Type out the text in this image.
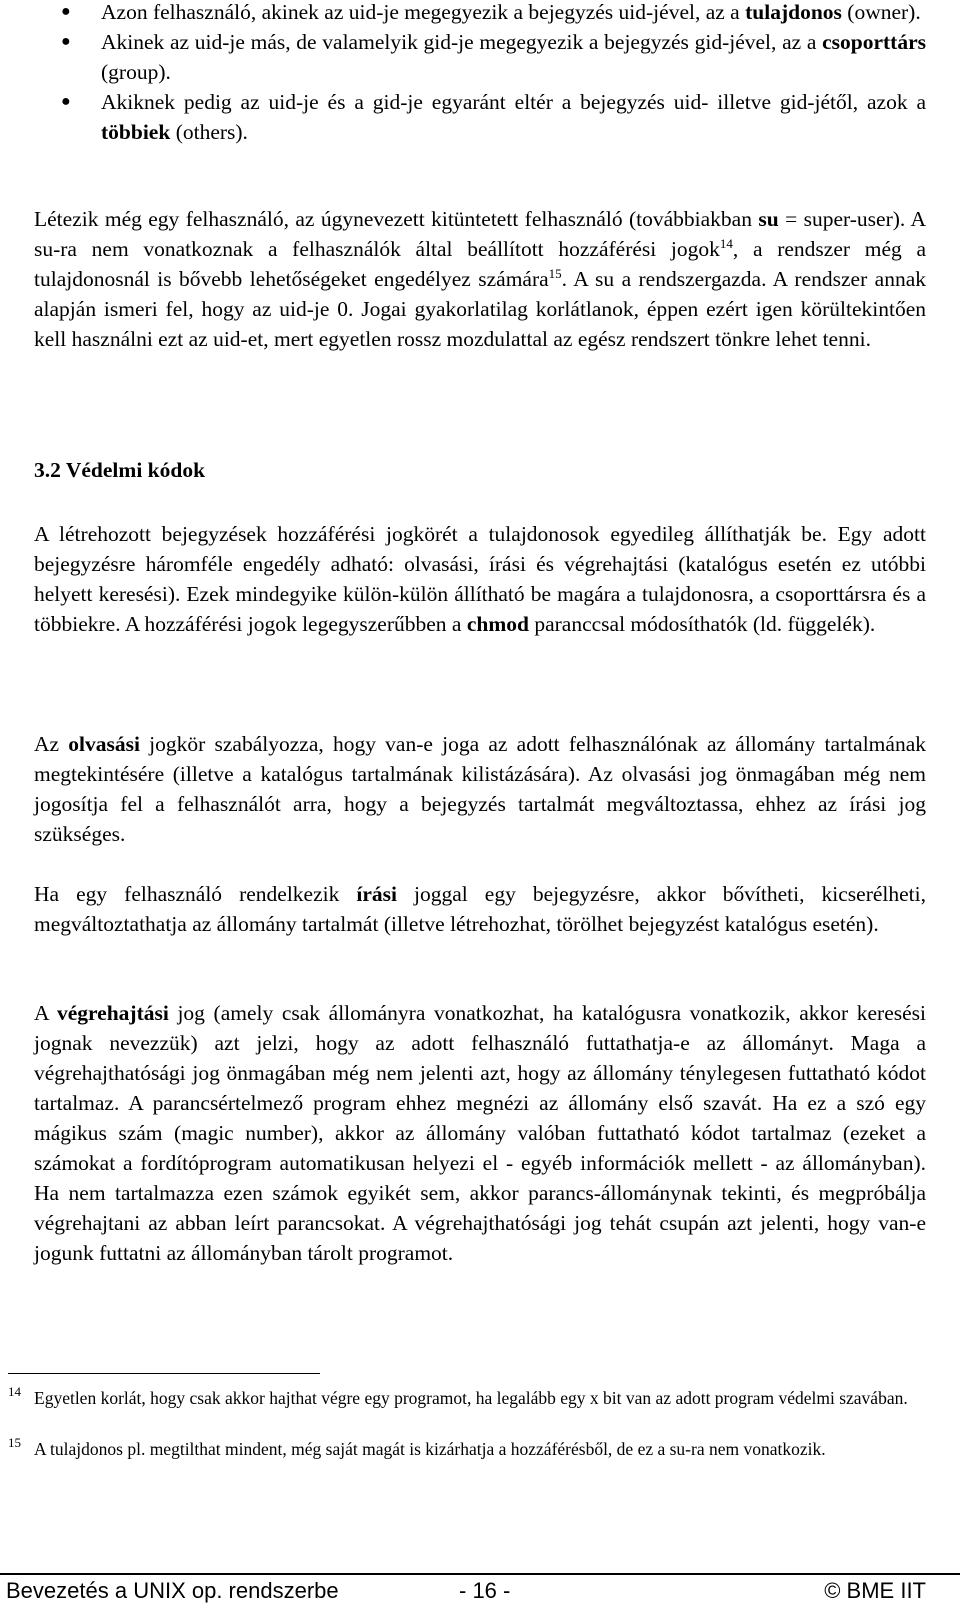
● Azon felhasználó, akinek az uid-je megegyezik a bejegyzés uid-jével, az a tulajdonos (owner).
● Akinek az uid-je más, de valamelyik gid-je megegyezik a bejegyzés gid-jével, az a csoporttárs (group).
● Akiknek pedig az uid-je és a gid-je egyaránt eltér a bejegyzés uid- illetve gid-jétől, azok a többiek (others).

Létezik még egy felhasználó, az úgynevezett kitüntetett felhasználó (továbbiakban su = super-user). A su-ra nem vonatkoznak a felhasználók által beállított hozzáférési jogok$^{14}$, a rendszer még a tulajdonosnál is bővebb lehetőségeket engedélyez számára$^{15}$. A su a rendszergazda. A rendszer annak alapján ismeri fel, hogy az uid-je 0. Jogai gyakorlatilag korlátlanok, éppen ezért igen körültekintően kell használni ezt az uid-et, mert egyetlen rossz mozdulattal az egész rendszert tönkre lehet tenni.

3.2 Védelmi kódok

A létrehozott bejegyzések hozzáférési jogkörét a tulajdonosok egyedileg állíthatják be. Egy adott bejegyzésre háromféle engedély adható: olvasási, írási és végrehajtási (katalógus esetén ez utóbbi helyett keresési). Ezek mindegyike külön-külön állítható be magára a tulajdonosra, a csoporttársra és a többiekre. A hozzáférési jogok legegyszerűbben a chmod paranccsal módosíthatók (ld. függelék).

Az olvasási jogkör szabályozza, hogy van-e joga az adott felhasználónak az állomány tartalmának megtekintésére (illetve a katalógus tartalmának kilistázására). Az olvasási jog önmagában még nem jogosítja fel a felhasználót arra, hogy a bejegyzés tartalmát megváltoztassa, ehhez az írási jog szükséges.

Ha egy felhasználó rendelkezik írási joggal egy bejegyzésre, akkor bővítheti, kicserélheti, megváltoztathatja az állomány tartalmát (illetve létrehozhat, törölhet bejegyzést katalógus esetén).

A végrehajtási jog (amely csak állományra vonatkozhat, ha katalógusra vonatkozik, akkor keresési jognak nevezzük) azt jelzi, hogy az adott felhasználó futtathatja-e az állományt. Maga a végrehajthatósági jog önmagában még nem jelenti azt, hogy az állomány ténylegesen futtatható kódot tartalmaz. A parancsértelmező program ehhez megnézi az állomány első szavát. Ha ez a szó egy mágikus szám (magic number), akkor az állomány valóban futtatható kódot tartalmaz (ezeket a számokat a fordítóprogram automatikusan helyezi el - egyéb információk mellett - az állományban). Ha nem tartalmazza ezen számok egyikét sem, akkor parancs-állománynak tekinti, és megpróbálja végrehajtani az abban leírt parancsokat. A végrehajthatósági jog tehát csupán azt jelenti, hogy van-e jogunk futtatni az állományban tárolt programot.

14 Egyetlen korlát, hogy csak akkor hajthat végre egy programot, ha legalább egy x bit van az adott program védelmi szavában.
15 A tulajdonos pl. megtilthat mindent, még saját magát is kizárhatja a hozzáférésből, de ez a su-ra nem vonatkozik.
Bevezetés a UNIX op. rendszerbe	- 16 -	© BME IIT
